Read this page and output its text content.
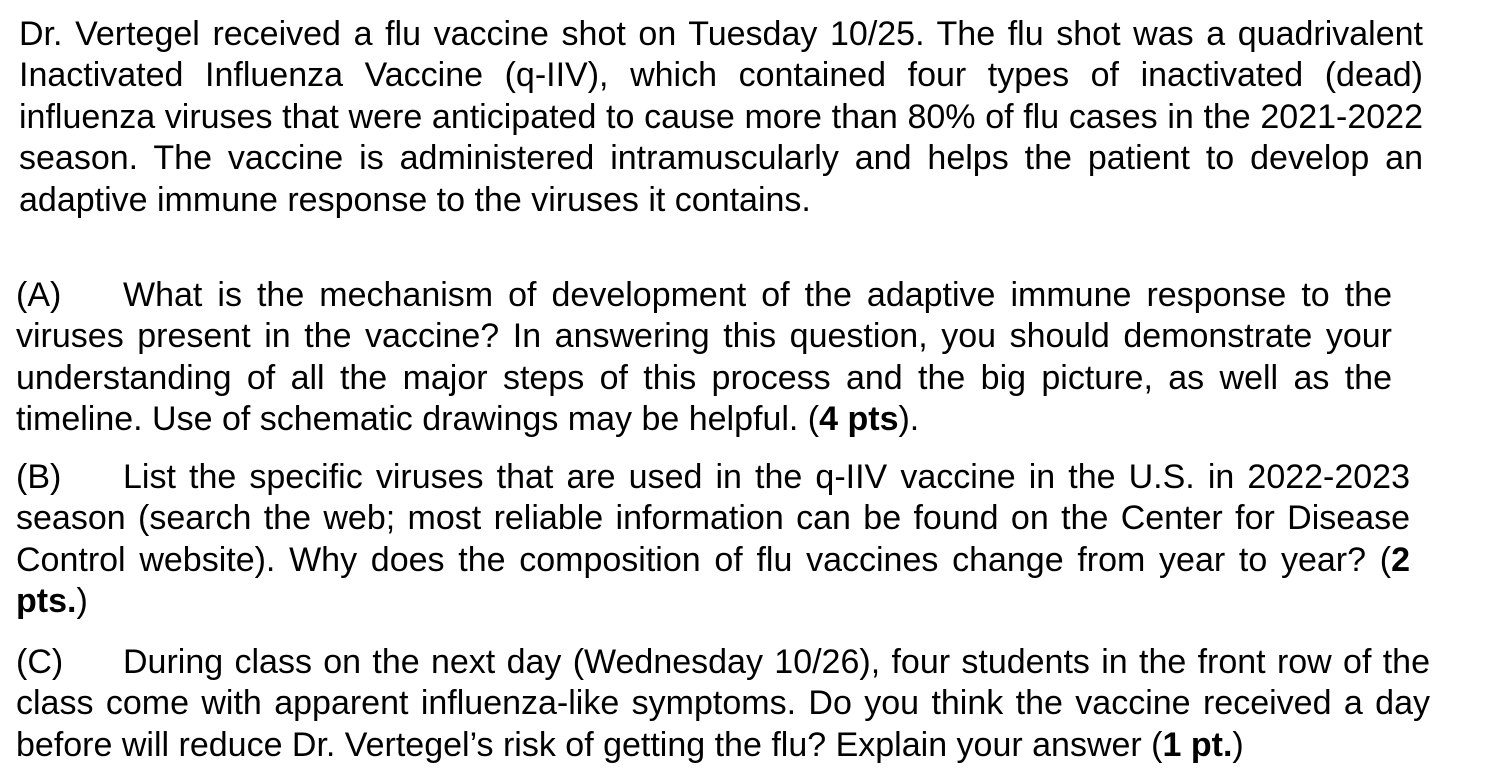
Dr. Vertegel received a flu vaccine shot on Tuesday 10/25. The flu shot was a quadrivalent Inactivated Influenza Vaccine (q-IIV), which contained four types of inactivated (dead) influenza viruses that were anticipated to cause more than 80% of flu cases in the 2021-2022 season. The vaccine is administered intramuscularly and helps the patient to develop an adaptive immune response to the viruses it contains.

(A) What is the mechanism of development of the adaptive immune response to the viruses present in the vaccine? In answering this question, you should demonstrate your understanding of all the major steps of this process and the big picture, as well as the timeline. Use of schematic drawings may be helpful. (4 pts).

(B) List the specific viruses that are used in the q-IIV vaccine in the U.S. in 2022-2023 season (search the web; most reliable information can be found on the Center for Disease Control website). Why does the composition of flu vaccines change from year to year? (2 pts.)

(C) During class on the next day (Wednesday 10/26), four students in the front row of the class come with apparent influenza-like symptoms. Do you think the vaccine received a day before will reduce Dr. Vertegel’s risk of getting the flu? Explain your answer (1 pt.)
